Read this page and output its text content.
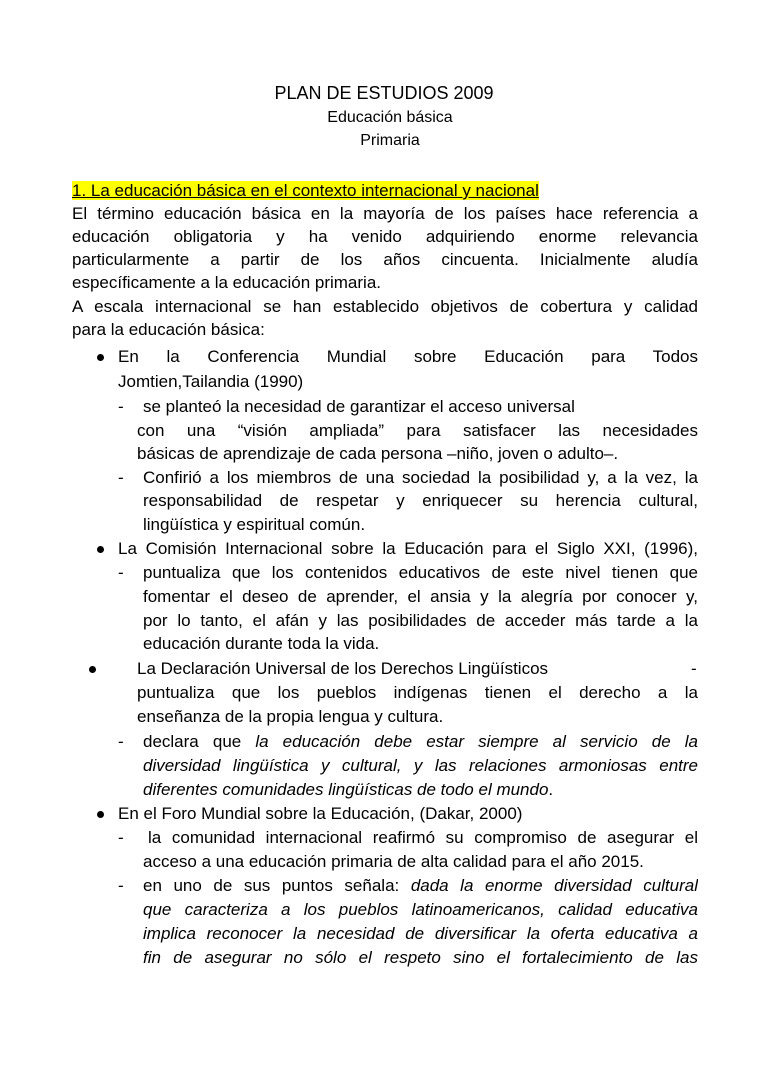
PLAN DE ESTUDIOS 2009
Educación básica
Primaria
1. La educación básica en el contexto internacional y nacional
El término educación básica en la mayoría de los países hace referencia a
educación obligatoria y ha venido adquiriendo enorme relevancia
particularmente a partir de los años cincuenta. Inicialmente aludía
específicamente a la educación primaria.
A escala internacional se han establecido objetivos de cobertura y calidad
para la educación básica:
En la Conferencia Mundial sobre Educación para Todos
Jomtien,Tailandia (1990)
- se planteó la necesidad de garantizar el acceso universal
con una “visión ampliada” para satisfacer las necesidades
básicas de aprendizaje de cada persona –niño, joven o adulto–.
- Confirió a los miembros de una sociedad la posibilidad y, a la vez, la
responsabilidad de respetar y enriquecer su herencia cultural,
lingüística y espiritual común.
La Comisión Internacional sobre la Educación para el Siglo XXI, (1996),
- puntualiza que los contenidos educativos de este nivel tienen que
fomentar el deseo de aprender, el ansia y la alegría por conocer y,
por lo tanto, el afán y las posibilidades de acceder más tarde a la
educación durante toda la vida.
La Declaración Universal de los Derechos Lingüísticos	-
puntualiza que los pueblos indígenas tienen el derecho a la
enseñanza de la propia lengua y cultura.
- declara que la educación debe estar siempre al servicio de la
diversidad lingüística y cultural, y las relaciones armoniosas entre
diferentes comunidades lingüísticas de todo el mundo.
En el Foro Mundial sobre la Educación, (Dakar, 2000)
- la comunidad internacional reafirmó su compromiso de asegurar el
acceso a una educación primaria de alta calidad para el año 2015.
- en uno de sus puntos señala: dada la enorme diversidad cultural
que caracteriza a los pueblos latinoamericanos, calidad educativa
implica reconocer la necesidad de diversificar la oferta educativa a
fin de asegurar no sólo el respeto sino el fortalecimiento de las
